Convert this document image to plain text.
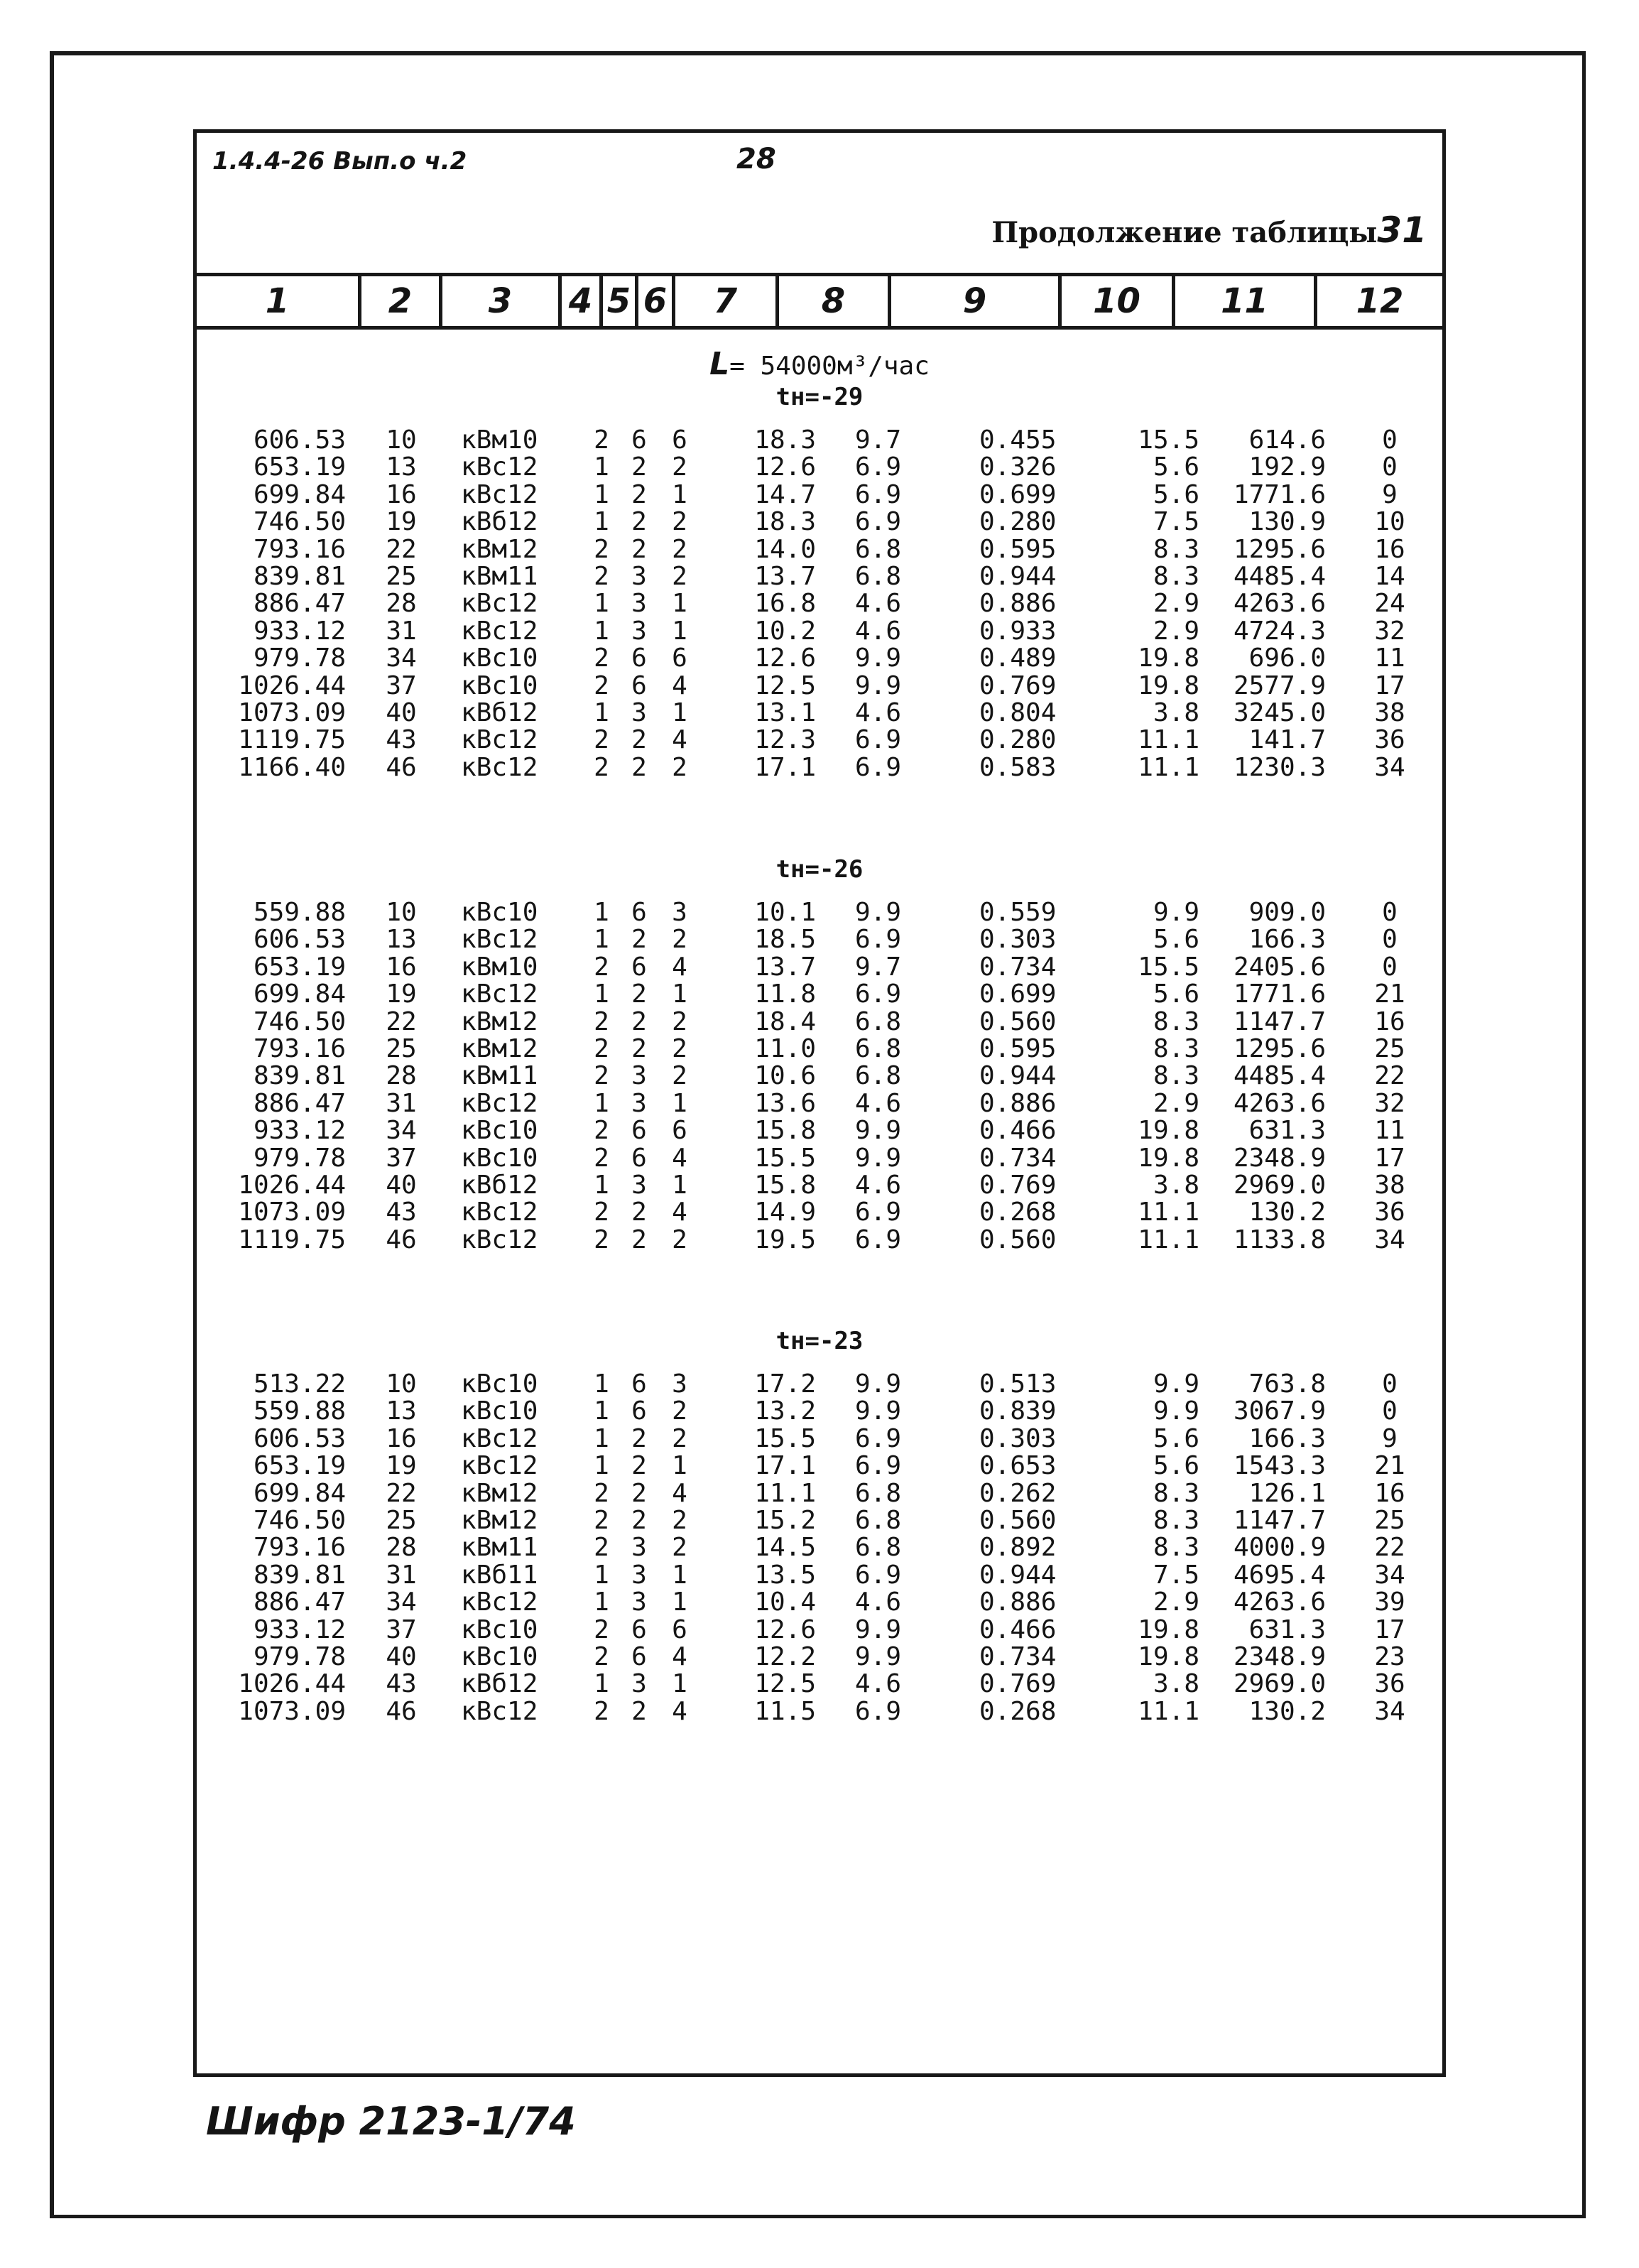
1.4.4-26 Вып.о ч.2	28
Продолжение таблицы31
1	2	3	4 5 6	7	8	9	10	11	12
L= 54000м³/час
tн=-29
606.53 10 кВм10	2 6 6	18.3	9.7	0.455	15.5	614.6	0
653.19 13 кВс12	1 2 2	12.6	6.9	0.326	5.6	192.9	0
699.84 16 кВс12	1 2 1	14.7	6.9	0.699	5.6	1771.6	9
746.50 19 кВб12	1 2 2	18.3	6.9	0.280	7.5	130.9	10
793.16 22 кВм12	2 2 2	14.0	6.8	0.595	8.3	1295.6	16
839.81 25 кВм11	2 3 2	13.7	6.8	0.944	8.3	4485.4	14
886.47 28 кВс12	1 3 1	16.8	4.6	0.886	2.9	4263.6	24
933.12 31 кВс12	1 3 1	10.2	4.6	0.933	2.9	4724.3	32
979.78 34 кВс10	2 6 6	12.6	9.9	0.489	19.8	696.0	11
1026.44 37 кВс10	2 6 4	12.5	9.9	0.769	19.8	2577.9	17
1073.09 40 кВб12	1 3 1	13.1	4.6	0.804	3.8	3245.0	38
1119.75 43 кВс12	2 2 4	12.3	6.9	0.280	11.1	141.7	36
1166.40 46 кВс12	2 2 2	17.1	6.9	0.583	11.1	1230.3	34
tн=-26
559.88 10 кВс10	1 6 3	10.1	9.9	0.559	9.9	909.0	0
606.53 13 кВс12	1 2 2	18.5	6.9	0.303	5.6	166.3	0
653.19 16 кВм10	2 6 4	13.7	9.7	0.734	15.5	2405.6	0
699.84 19 кВс12	1 2 1	11.8	6.9	0.699	5.6	1771.6	21
746.50 22 кВм12	2 2 2	18.4	6.8	0.560	8.3	1147.7	16
793.16 25 кВм12	2 2 2	11.0	6.8	0.595	8.3	1295.6	25
839.81 28 кВм11	2 3 2	10.6	6.8	0.944	8.3	4485.4	22
886.47 31 кВс12	1 3 1	13.6	4.6	0.886	2.9	4263.6	32
933.12 34 кВс10	2 6 6	15.8	9.9	0.466	19.8	631.3	11
979.78 37 кВс10	2 6 4	15.5	9.9	0.734	19.8	2348.9	17
1026.44 40 кВб12	1 3 1	15.8	4.6	0.769	3.8	2969.0	38
1073.09 43 кВс12	2 2 4	14.9	6.9	0.268	11.1	130.2	36
1119.75 46 кВс12	2 2 2	19.5	6.9	0.560	11.1	1133.8	34
tн=-23
513.22 10 кВс10	1 6 3	17.2	9.9	0.513	9.9	763.8	0
559.88 13 кВс10	1 6 2	13.2	9.9	0.839	9.9	3067.9	0
606.53 16 кВс12	1 2 2	15.5	6.9	0.303	5.6	166.3	9
653.19 19 кВс12	1 2 1	17.1	6.9	0.653	5.6	1543.3	21
699.84 22 кВм12	2 2 4	11.1	6.8	0.262	8.3	126.1	16
746.50 25 кВм12	2 2 2	15.2	6.8	0.560	8.3	1147.7	25
793.16 28 кВм11	2 3 2	14.5	6.8	0.892	8.3	4000.9	22
839.81 31 кВб11	1 3 1	13.5	6.9	0.944	7.5	4695.4	34
886.47 34 кВс12	1 3 1	10.4	4.6	0.886	2.9	4263.6	39
933.12 37 кВс10	2 6 6	12.6	9.9	0.466	19.8	631.3	17
979.78 40 кВс10	2 6 4	12.2	9.9	0.734	19.8	2348.9	23
1026.44 43 кВб12	1 3 1	12.5	4.6	0.769	3.8	2969.0	36
1073.09 46 кВс12	2 2 4	11.5	6.9	0.268	11.1	130.2	34
Шифр 2123-1/74
